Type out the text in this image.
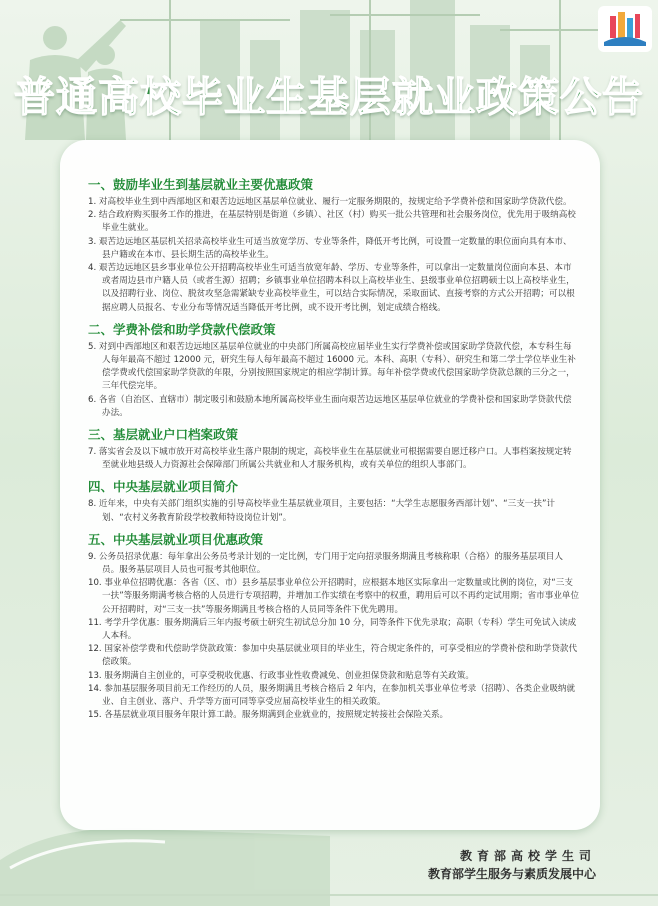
普通高校毕业生基层就业政策公告
一、鼓励毕业生到基层就业主要优惠政策

1. 对高校毕业生到中西部地区和艰苦边远地区基层单位就业、履行一定服务期限的，按规定给予学费补偿和国家助学贷款代偿。

2. 结合政府购买服务工作的推进，在基层特别是街道（乡镇）、社区（村）购买一批公共管理和社会服务岗位，优先用于吸纳高校毕业生就业。

3. 艰苦边远地区基层机关招录高校毕业生可适当放宽学历、专业等条件，降低开考比例，可设置一定数量的职位面向具有本市、县户籍或在本市、县长期生活的高校毕业生。

4. 艰苦边远地区县乡事业单位公开招聘高校毕业生可适当放宽年龄、学历、专业等条件，可以拿出一定数量岗位面向本县、本市或者周边县市户籍人员（或者生源）招聘；乡镇事业单位招聘本科以上高校毕业生、县级事业单位招聘硕士以上高校毕业生，以及招聘行业、岗位、脱贫攻坚急需紧缺专业高校毕业生，可以结合实际情况，采取面试、直接考察的方式公开招聘；可以根据应聘人员报名、专业分布等情况适当降低开考比例，或不设开考比例，划定成绩合格线。

二、学费补偿和助学贷款代偿政策

5. 对到中西部地区和艰苦边远地区基层单位就业的中央部门所属高校应届毕业生实行学费补偿或国家助学贷款代偿，本专科生每人每年最高不超过 12000 元，研究生每人每年最高不超过 16000 元。本科、高职（专科）、研究生和第二学士学位毕业生补偿学费或代偿国家助学贷款的年限，分别按照国家规定的相应学制计算。每年补偿学费或代偿国家助学贷款总额的三分之一，三年代偿完毕。

6. 各省（自治区、直辖市）制定吸引和鼓励本地所属高校毕业生面向艰苦边远地区基层单位就业的学费补偿和国家助学贷款代偿办法。

三、基层就业户口档案政策

7. 落实省会及以下城市放开对高校毕业生落户限制的规定，高校毕业生在基层就业可根据需要自愿迁移户口。人事档案按规定转至就业地县级人力资源社会保障部门所属公共就业和人才服务机构，或有关单位的组织人事部门。

四、中央基层就业项目简介

8. 近年来，中央有关部门组织实施的引导高校毕业生基层就业项目，主要包括：“大学生志愿服务西部计划”、“三支一扶”计划、“农村义务教育阶段学校教师特设岗位计划”。

五、中央基层就业项目优惠政策

9. 公务员招录优惠：每年拿出公务员考录计划的一定比例，专门用于定向招录服务期满且考核称职（合格）的服务基层项目人员。服务基层项目人员也可报考其他职位。

10. 事业单位招聘优惠：各省（区、市）县乡基层事业单位公开招聘时，应根据本地区实际拿出一定数量或比例的岗位，对“三支一扶”等服务期满考核合格的人员进行专项招聘，并增加工作实绩在考察中的权重，聘用后可以不再约定试用期；省市事业单位公开招聘时，对“三支一扶”等服务期满且考核合格的人员同等条件下优先聘用。

11. 考学升学优惠：服务期满后三年内报考硕士研究生初试总分加 10 分，同等条件下优先录取；高职（专科）学生可免试入读成人本科。

12. 国家补偿学费和代偿助学贷款政策：参加中央基层就业项目的毕业生，符合规定条件的，可享受相应的学费补偿和助学贷款代偿政策。

13. 服务期满自主创业的，可享受税收优惠、行政事业性收费减免、创业担保贷款和贴息等有关政策。

14. 参加基层服务项目前无工作经历的人员，服务期满且考核合格后 2 年内，在参加机关事业单位考录（招聘）、各类企业吸纳就业、自主创业、落户、升学等方面可同等享受应届高校毕业生的相关政策。

15. 各基层就业项目服务年限计算工龄。服务期满到企业就业的，按照规定转接社会保险关系。

教育部高校学生司
教育部学生服务与素质发展中心
